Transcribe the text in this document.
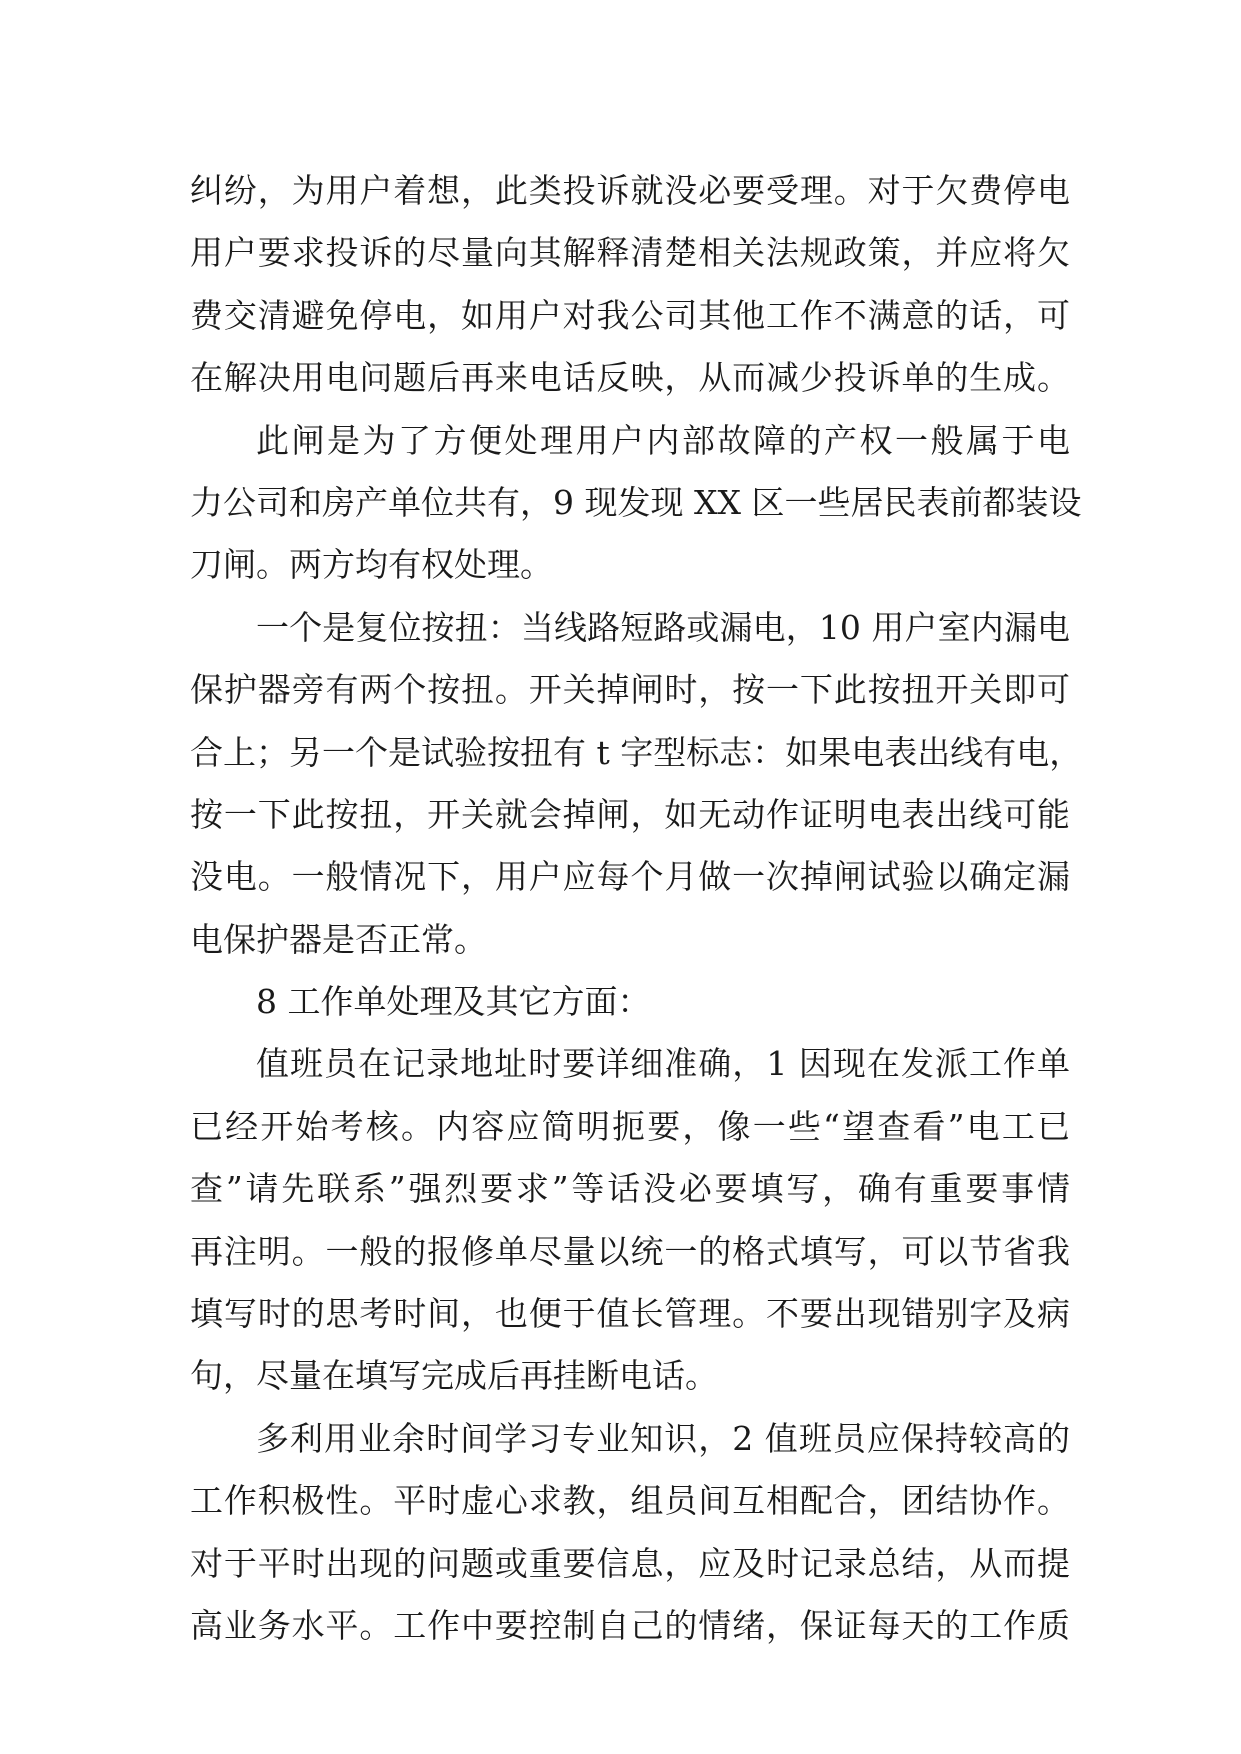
纠纷，为用户着想，此类投诉就没必要受理。对于欠费停电
用户要求投诉的尽量向其解释清楚相关法规政策，并应将欠
费交清避免停电，如用户对我公司其他工作不满意的话，可
在解决用电问题后再来电话反映，从而减少投诉单的生成。
此闸是为了方便处理用户内部故障的产权一般属于电
力公司和房产单位共有，9 现发现 XX 区一些居民表前都装设
刀闸。两方均有权处理。
一个是复位按扭：当线路短路或漏电，10 用户室内漏电
保护器旁有两个按扭。开关掉闸时，按一下此按扭开关即可
合上；另一个是试验按扭有 t 字型标志：如果电表出线有电，
按一下此按扭，开关就会掉闸，如无动作证明电表出线可能
没电。一般情况下，用户应每个月做一次掉闸试验以确定漏
电保护器是否正常。
8 工作单处理及其它方面：
值班员在记录地址时要详细准确，1 因现在发派工作单
已经开始考核。内容应简明扼要，像一些“望查看”电工已
查”请先联系”强烈要求”等话没必要填写，确有重要事情
再注明。一般的报修单尽量以统一的格式填写，可以节省我
填写时的思考时间，也便于值长管理。不要出现错别字及病
句，尽量在填写完成后再挂断电话。
多利用业余时间学习专业知识，2 值班员应保持较高的
工作积极性。平时虚心求教，组员间互相配合，团结协作。
对于平时出现的问题或重要信息，应及时记录总结，从而提
高业务水平。工作中要控制自己的情绪，保证每天的工作质
